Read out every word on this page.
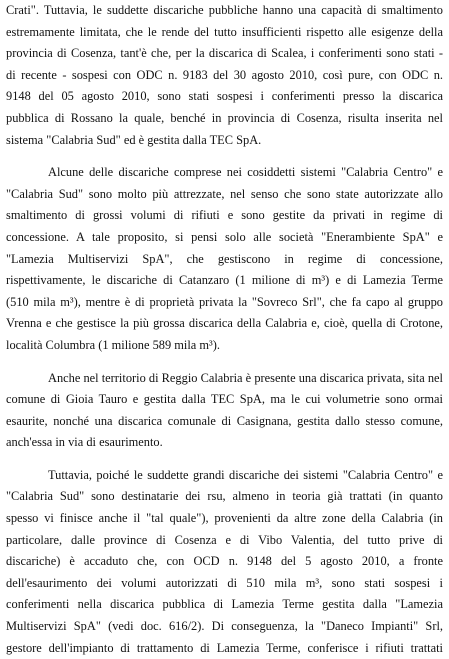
Crati". Tuttavia, le suddette discariche pubbliche hanno una capacità di smaltimento
estremamente limitata, che le rende del tutto insufficienti rispetto alle esigenze della
provincia di Cosenza, tant'è che, per la discarica di Scalea, i conferimenti sono stati -
di recente - sospesi con ODC n. 9183 del 30 agosto 2010, così pure, con ODC n.
9148 del 05 agosto 2010, sono stati sospesi i conferimenti presso la discarica
pubblica di Rossano la quale, benché in provincia di Cosenza, risulta inserita nel
sistema "Calabria Sud" ed è gestita dalla TEC SpA.
Alcune delle discariche comprese nei cosiddetti sistemi "Calabria Centro" e
"Calabria Sud" sono molto più attrezzate, nel senso che sono state autorizzate allo
smaltimento di grossi volumi di rifiuti e sono gestite da privati in regime di
concessione. A tale proposito, si pensi solo alle società "Enerambiente SpA" e
"Lamezia Multiservizi SpA", che gestiscono in regime di concessione,
rispettivamente, le discariche di Catanzaro (1 milione di m³) e di Lamezia Terme
(510 mila m³), mentre è di proprietà privata la "Sovreco Srl", che fa capo al gruppo
Vrenna e che gestisce la più grossa discarica della Calabria e, cioè, quella di Crotone,
località Columbra (1 milione 589 mila m³).
Anche nel territorio di Reggio Calabria è presente una discarica privata, sita nel
comune di Gioia Tauro e gestita dalla TEC SpA, ma le cui volumetrie sono ormai
esaurite, nonché una discarica comunale di Casignana, gestita dallo stesso comune,
anch'essa in via di esaurimento.
Tuttavia, poiché le suddette grandi discariche dei sistemi "Calabria Centro" e
"Calabria Sud" sono destinatarie dei rsu, almeno in teoria già trattati (in quanto
spesso vi finisce anche il "tal quale"), provenienti da altre zone della Calabria (in
particolare, dalle province di Cosenza e di Vibo Valentia, del tutto prive di
discariche) è accaduto che, con OCD n. 9148 del 5 agosto 2010, a fronte
dell'esaurimento dei volumi autorizzati di 510 mila m³, sono stati sospesi i
conferimenti nella discarica pubblica di Lamezia Terme gestita dalla "Lamezia
Multiservizi SpA" (vedi doc. 616/2). Di conseguenza, la "Daneco Impianti" Srl,
gestore dell'impianto di trattamento di Lamezia Terme, conferisce i rifiuti trattati
